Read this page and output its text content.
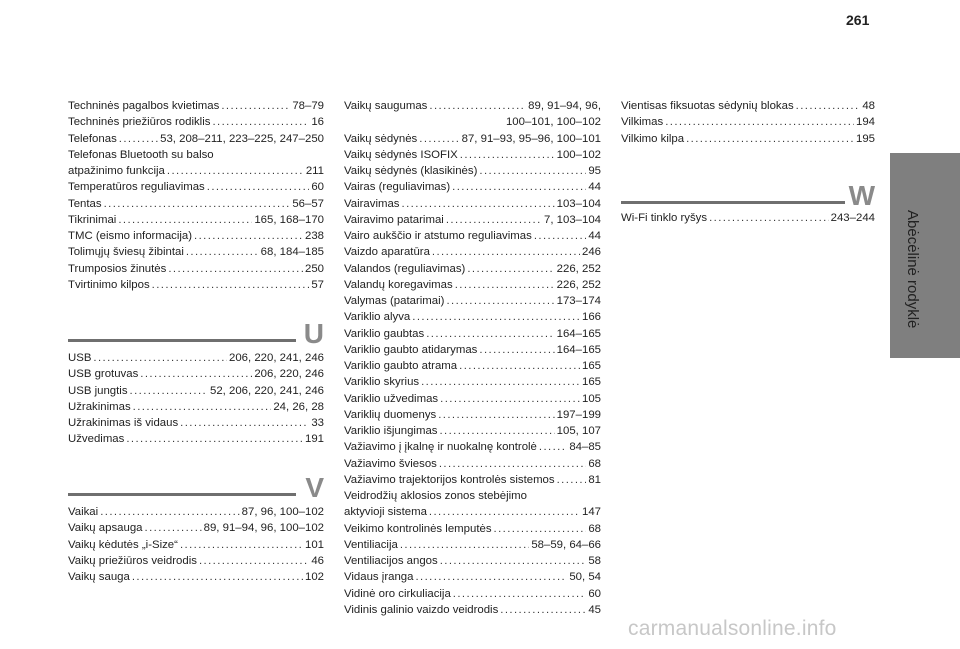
261
Abėcėlinė rodyklė
Techninės pagalbos kvietimas .....	78–79
Techninės priežiūros rodiklis .....	16
Telefonas .....	53, 208–211, 223–225, 247–250
Telefonas Bluetooth su balso
atpažinimo funkcija .....	211
Temperatūros reguliavimas .....	60
Tentas .....	56–57
Tikrinimai .....	165, 168–170
TMC (eismo informacija) .....	238
Tolimųjų šviesų žibintai .....	68, 184–185
Trumposios žinutės .....	250
Tvirtinimo kilpos .....	57
U
USB .....	206, 220, 241, 246
USB grotuvas .....	206, 220, 246
USB jungtis .....	52, 206, 220, 241, 246
Užrakinimas .....	24, 26, 28
Užrakinimas iš vidaus .....	33
Užvedimas .....	191
V
Vaikai .....	87, 96, 100–102
Vaikų apsauga .....	89, 91–94, 96, 100–102
Vaikų kėdutės „i-Size“ .....	101
Vaikų priežiūros veidrodis .....	46
Vaikų sauga .....	102
Vaikų saugumas .....	89, 91–94, 96,
100–101, 100–102
Vaikų sėdynės .....	87, 91–93, 95–96, 100–101
Vaikų sėdynės ISOFIX .....	100–102
Vaikų sėdynės (klasikinės) .....	95
Vairas (reguliavimas) .....	44
Vairavimas .....	103–104
Vairavimo patarimai .....	7, 103–104
Vairo aukščio ir atstumo reguliavimas .....	44
Vaizdo aparatūra .....	246
Valandos (reguliavimas) .....	226, 252
Valandų koregavimas .....	226, 252
Valymas (patarimai) .....	173–174
Variklio alyva .....	166
Variklio gaubtas .....	164–165
Variklio gaubto atidarymas .....	164–165
Variklio gaubto atrama .....	165
Variklio skyrius .....	165
Variklio užvedimas .....	105
Variklių duomenys .....	197–199
Variklio išjungimas .....	105, 107
Važiavimo į įkalnę ir nuokalnę kontrolė .....	84–85
Važiavimo šviesos .....	68
Važiavimo trajektorijos kontrolės sistemos .....	81
Veidrodžių aklosios zonos stebėjimo
aktyvioji sistema .....	147
Veikimo kontrolinės lemputės .....	68
Ventiliacija .....	58–59, 64–66
Ventiliacijos angos .....	58
Vidaus įranga .....	50, 54
Vidinė oro cirkuliacija .....	60
Vidinis galinio vaizdo veidrodis .....	45
Vientisas fiksuotas sėdynių blokas .....	48
Vilkimas .....	194
Vilkimo kilpa .....	195
W
Wi-Fi tinklo ryšys .....	243–244
carmanualsonline.info
